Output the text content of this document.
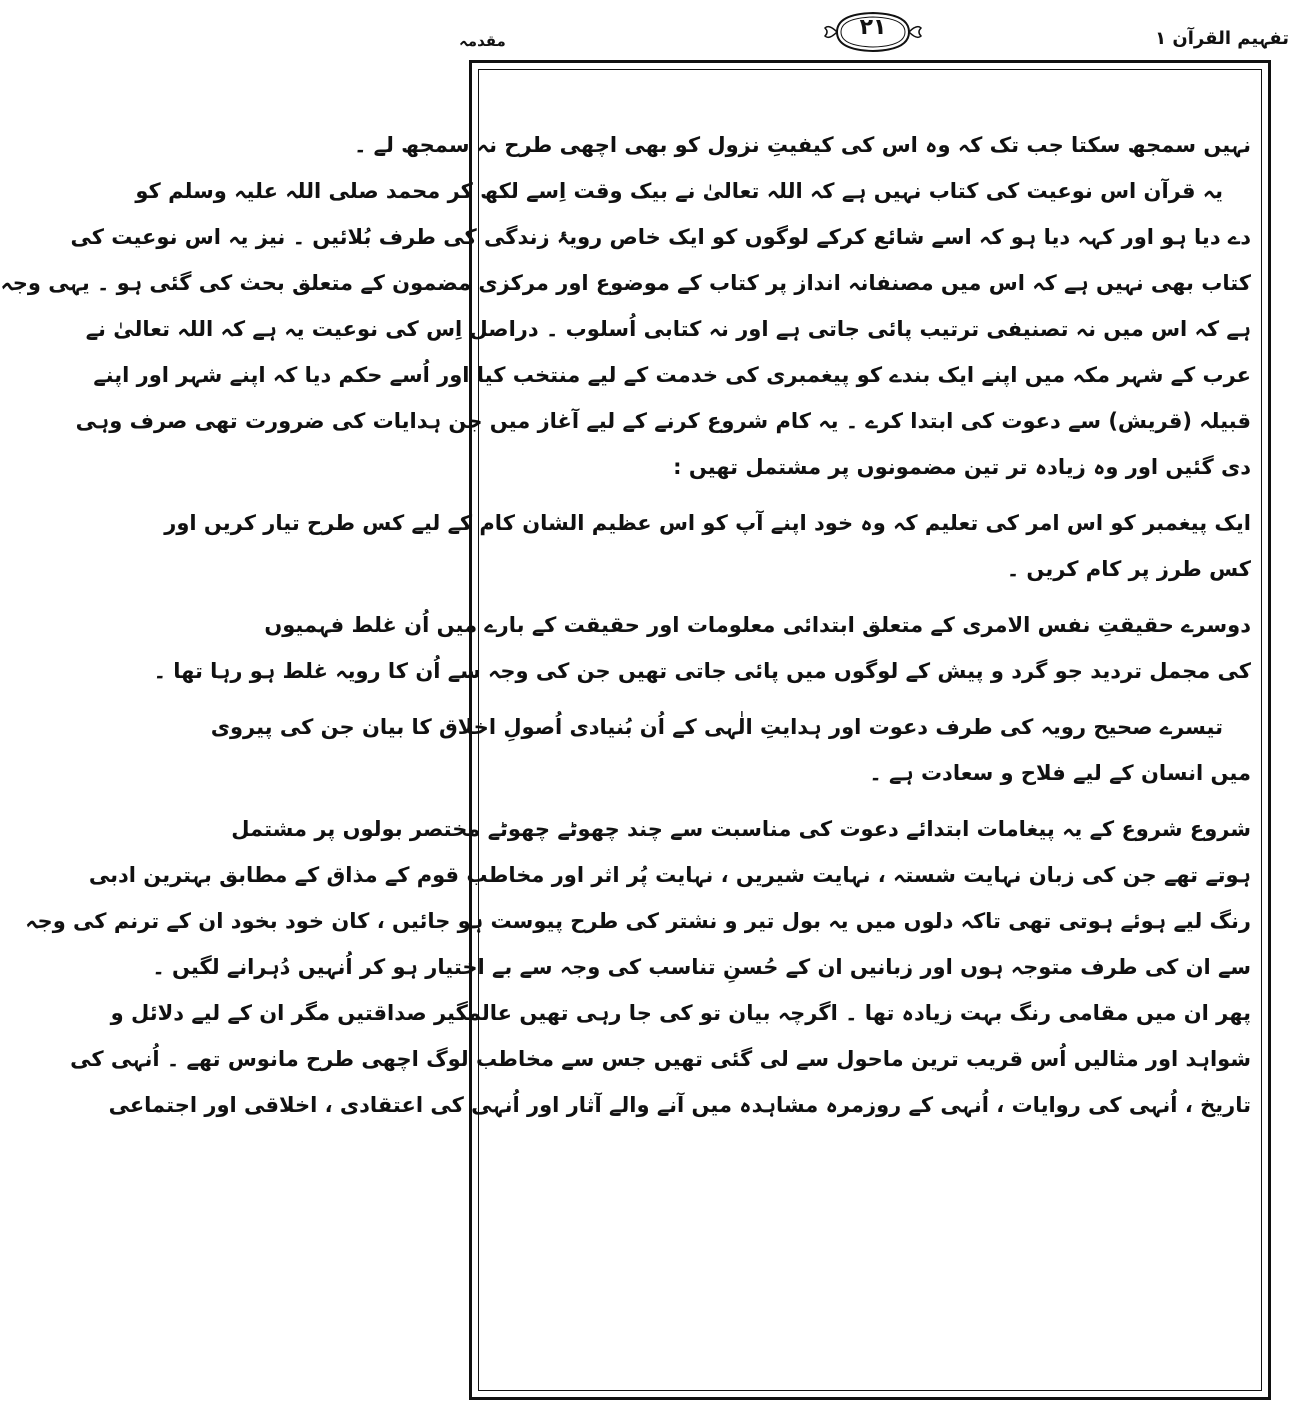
تفہیم القرآن ۱
۲۱
مقدمہ
نہیں سمجھ سکتا جب تک کہ وہ اس کی کیفیتِ نزول کو بھی اچھی طرح نہ سمجھ لے ۔
یہ قرآن اس نوعیت کی کتاب نہیں ہے کہ اللہ تعالیٰ نے بیک وقت اِسے لکھ کر محمد صلی اللہ علیہ وسلم کو
دے دیا ہو اور کہہ دیا ہو کہ اسے شائع کرکے لوگوں کو ایک خاص رویۂ زندگی کی طرف بُلائیں ۔ نیز یہ اس نوعیت کی
کتاب بھی نہیں ہے کہ اس میں مصنفانہ انداز پر کتاب کے موضوع اور مرکزی مضمون کے متعلق بحث کی گئی ہو ۔ یہی وجہ
ہے کہ اس میں نہ تصنیفی ترتیب پائی جاتی ہے اور نہ کتابی اُسلوب ۔ دراصل اِس کی نوعیت یہ ہے کہ اللہ تعالیٰ نے
عرب کے شہر مکہ میں اپنے ایک بندے کو پیغمبری کی خدمت کے لیے منتخب کیا اور اُسے حکم دیا کہ اپنے شہر اور اپنے
قبیلہ (قریش) سے دعوت کی ابتدا کرے ۔ یہ کام شروع کرنے کے لیے آغاز میں جن ہدایات کی ضرورت تھی صرف وہی
دی گئیں اور وہ زیادہ تر تین مضمونوں پر مشتمل تھیں :
ایک پیغمبر کو اس امر کی تعلیم کہ وہ خود اپنے آپ کو اس عظیم الشان کام کے لیے کس طرح تیار کریں اور
کس طرز پر کام کریں ۔
دوسرے حقیقتِ نفس الامری کے متعلق ابتدائی معلومات اور حقیقت کے بارے میں اُن غلط فہمیوں
کی مجمل تردید جو گرد و پیش کے لوگوں میں پائی جاتی تھیں جن کی وجہ سے اُن کا رویہ غلط ہو رہا تھا ۔
تیسرے صحیح رویہ کی طرف دعوت اور ہدایتِ الٰہی کے اُن بُنیادی اُصولِ اخلاق کا بیان جن کی پیروی
میں انسان کے لیے فلاح و سعادت ہے ۔
شروع شروع کے یہ پیغامات ابتدائے دعوت کی مناسبت سے چند چھوٹے چھوٹے مختصر بولوں پر مشتمل
ہوتے تھے جن کی زبان نہایت شستہ ، نہایت شیریں ، نہایت پُر اثر اور مخاطب قوم کے مذاق کے مطابق بہترین ادبی
رنگ لیے ہوئے ہوتی تھی تاکہ دلوں میں یہ بول تیر و نشتر کی طرح پیوست ہو جائیں ، کان خود بخود ان کے ترنم کی وجہ
سے ان کی طرف متوجہ ہوں اور زبانیں ان کے حُسنِ تناسب کی وجہ سے بے اختیار ہو کر اُنہیں دُہرانے لگیں ۔
پھر ان میں مقامی رنگ بہت زیادہ تھا ۔ اگرچہ بیان تو کی جا رہی تھیں عالمگیر صداقتیں مگر ان کے لیے دلائل و
شواہد اور مثالیں اُس قریب ترین ماحول سے لی گئی تھیں جس سے مخاطب لوگ اچھی طرح مانوس تھے ۔ اُنہی کی
تاریخ ، اُنہی کی روایات ، اُنہی کے روزمرہ مشاہدہ میں آنے والے آثار اور اُنہی کی اعتقادی ، اخلاقی اور اجتماعی
